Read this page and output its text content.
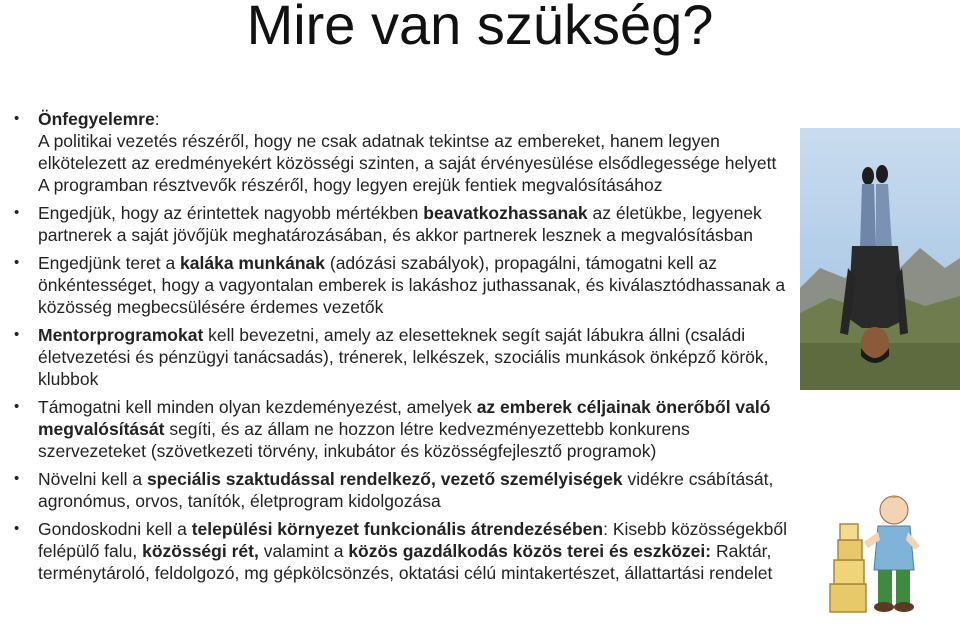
Mire van szükség?
• Önfegyelemre:
A politikai vezetés részéről, hogy ne csak adatnak tekintse az embereket, hanem legyen elkötelezett az eredményekért közösségi szinten, a saját érvényesülése elsődlegessége helyett
A programban résztvevők részéről, hogy legyen erejük fentiek megvalósításához
• Engedjük, hogy az érintettek nagyobb mértékben beavatkozhassanak az életükbe, legyenek partnerek a saját jövőjük meghatározásában, és akkor partnerek lesznek a megvalósításban
• Engedjünk teret a kaláka munkának (adózási szabályok), propagálni, támogatni kell az önkéntességet, hogy a vagyontalan emberek is lakáshoz juthassanak, és kiválasztódhassanak a közösség megbecsülésére érdemes vezetők
• Mentorprogramokat kell bevezetni, amely az elesetteknek segít saját lábukra állni (családi életvezetési és pénzügyi tanácsadás), trénerek, lelkészek, szociális munkások önképző körök, klubbok
• Támogatni kell minden olyan kezdeményezést, amelyek az emberek céljainak önerőből való megvalósítását segíti, és az állam ne hozzon létre kedvezményezettebb konkurens szervezeteket (szövetkezeti törvény, inkubátor és közösségfejlesztő programok)
• Növelni kell a speciális szaktudással rendelkező, vezető személyiségek vidékre csábítását, agronómus, orvos, tanítók, életprogram kidolgozása
• Gondoskodni kell a települési környezet funkcionális átrendezésében: Kisebb közösségekből felépülő falu, közösségi rét, valamint a közös gazdálkodás közös terei és eszközei: Raktár, terménytároló, feldolgozó, mg gépkölcsönzés, oktatási célú mintakertészet, állattartási rendelet
